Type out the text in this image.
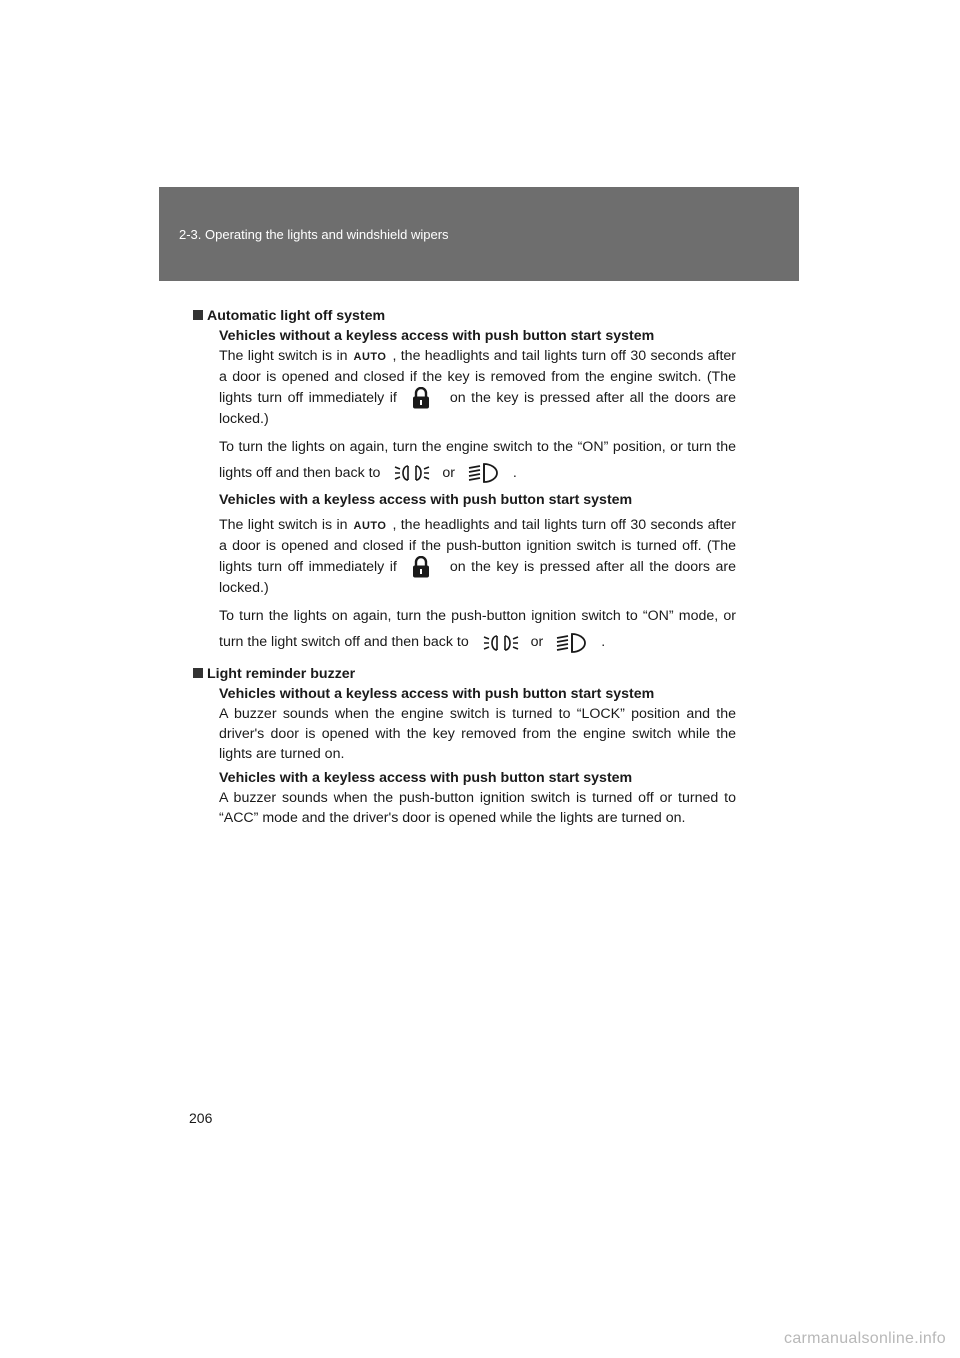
2-3. Operating the lights and windshield wipers
Automatic light off system
Vehicles without a keyless access with push button start system

The light switch is in AUTO , the headlights and tail lights turn off 30 seconds after a door is opened and closed if the key is removed from the engine switch. (The lights turn off immediately if	on the key is pressed after all the doors are locked.)

To turn the lights on again, turn the engine switch to the “ON” position, or turn the lights off and then back to	or	.

Vehicles with a keyless access with push button start system

The light switch is in AUTO , the headlights and tail lights turn off 30 seconds after a door is opened and closed if the push-button ignition switch is turned off. (The lights turn off immediately if	on the key is pressed after all the doors are locked.)

To turn the lights on again, turn the push-button ignition switch to “ON” mode, or turn the light switch off and then back to	or	.

Light reminder buzzer
Vehicles without a keyless access with push button start system

A buzzer sounds when the engine switch is turned to “LOCK” position and the driver's door is opened with the key removed from the engine switch while the lights are turned on.

Vehicles with a keyless access with push button start system

A buzzer sounds when the push-button ignition switch is turned off or turned to “ACC” mode and the driver's door is opened while the lights are turned on.

206
carmanualsonline.info
